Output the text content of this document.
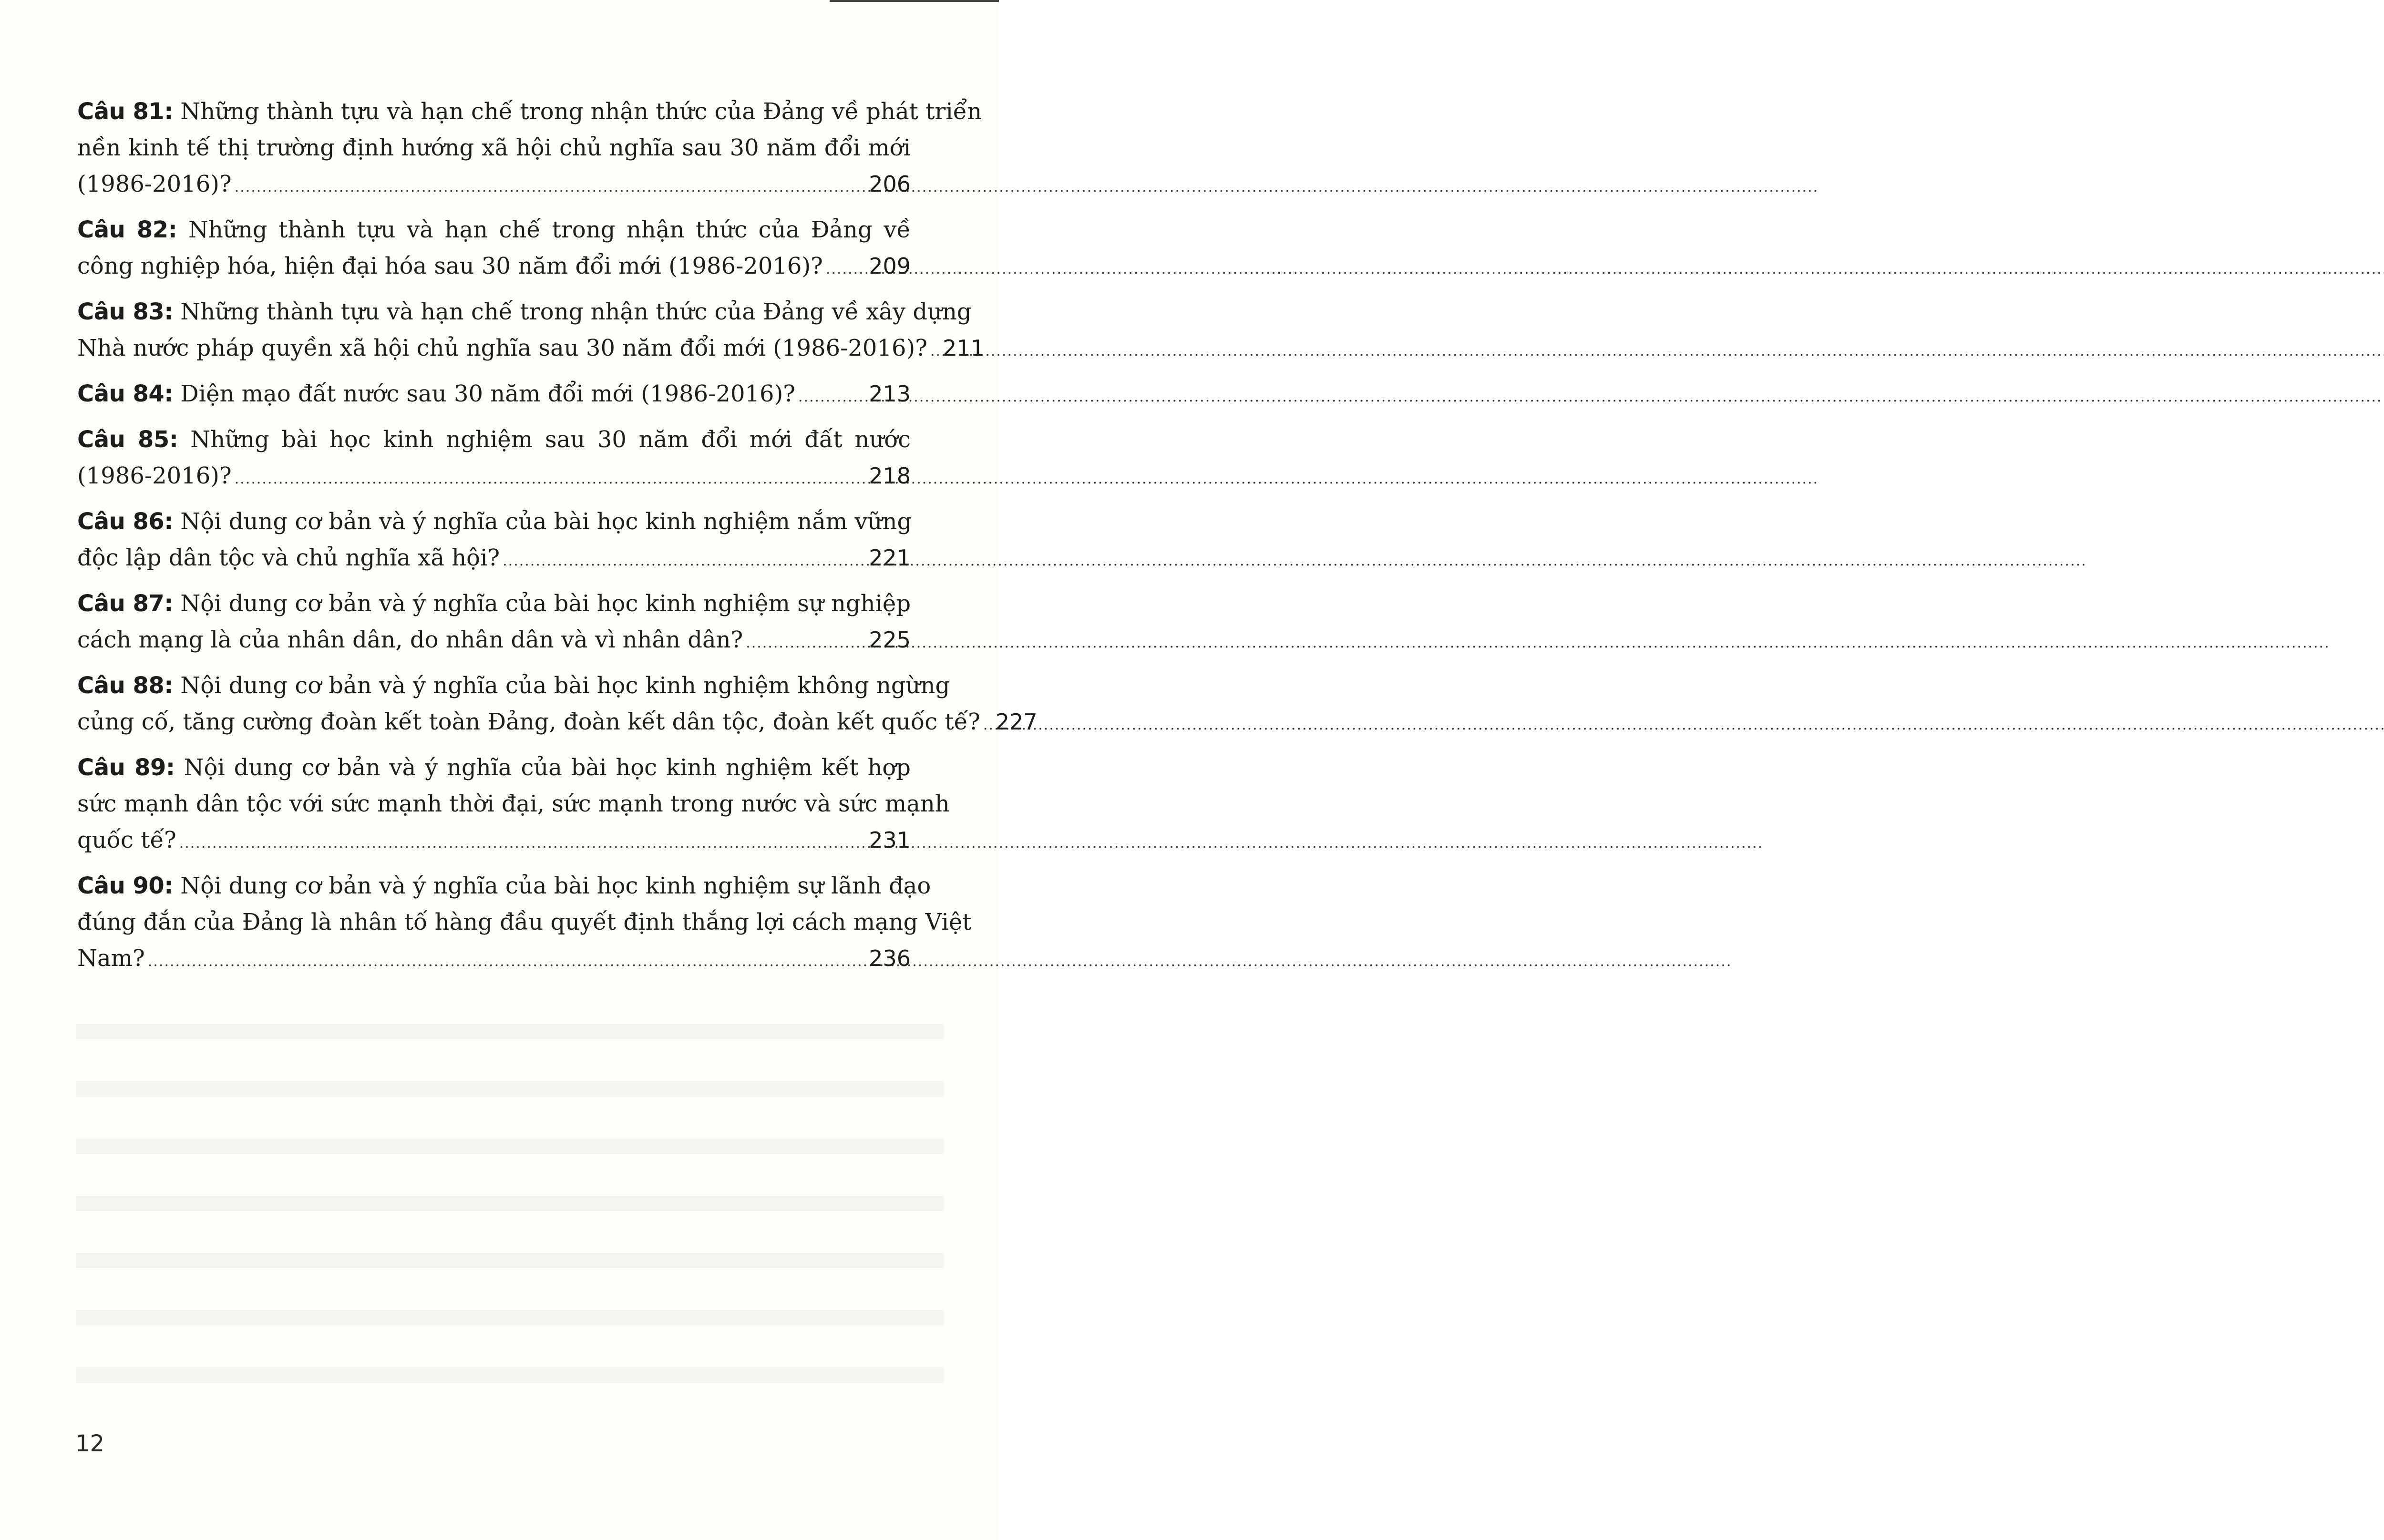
Câu 81: Những thành tựu và hạn chế trong nhận thức của Đảng về phát triển
nền kinh tế thị trường định hướng xã hội chủ nghĩa sau 30 năm đổi mới
(1986-2016)? .....	206
Câu 82: Những thành tựu và hạn chế trong nhận thức của Đảng về
công nghiệp hóa, hiện đại hóa sau 30 năm đổi mới (1986-2016)? ..... 209
Câu 83: Những thành tựu và hạn chế trong nhận thức của Đảng về xây dựng
Nhà nước pháp quyền xã hội chủ nghĩa sau 30 năm đổi mới (1986-2016)? ..... 211
Câu 84: Diện mạo đất nước sau 30 năm đổi mới (1986-2016)? .....	213
Câu 85: Những bài học kinh nghiệm sau 30 năm đổi mới đất nước
(1986-2016)? .....	218
Câu 86: Nội dung cơ bản và ý nghĩa của bài học kinh nghiệm nắm vững
độc lập dân tộc và chủ nghĩa xã hội? .....	221
Câu 87: Nội dung cơ bản và ý nghĩa của bài học kinh nghiệm sự nghiệp
cách mạng là của nhân dân, do nhân dân và vì nhân dân? .....	225
Câu 88: Nội dung cơ bản và ý nghĩa của bài học kinh nghiệm không ngừng
củng cố, tăng cường đoàn kết toàn Đảng, đoàn kết dân tộc, đoàn kết quốc tế? ..... 227
Câu 89: Nội dung cơ bản và ý nghĩa của bài học kinh nghiệm kết hợp
sức mạnh dân tộc với sức mạnh thời đại, sức mạnh trong nước và sức mạnh
quốc tế? .....	231
Câu 90: Nội dung cơ bản và ý nghĩa của bài học kinh nghiệm sự lãnh đạo
đúng đắn của Đảng là nhân tố hàng đầu quyết định thắng lợi cách mạng Việt
Nam? .....	236
12
